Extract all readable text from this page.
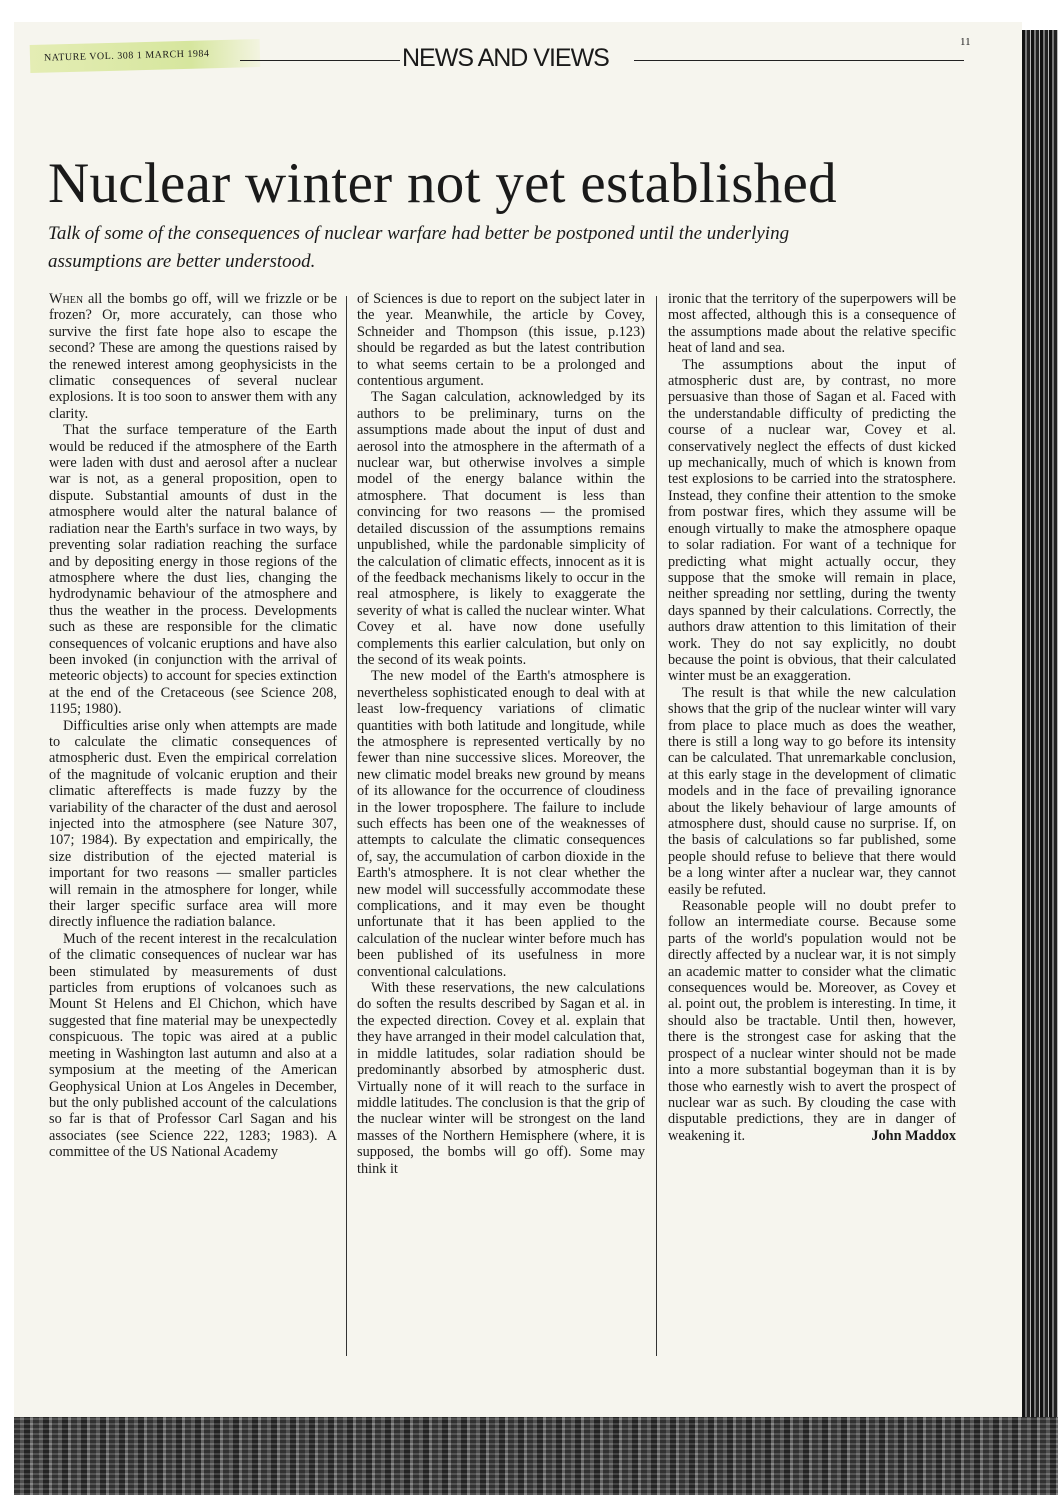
NATURE VOL. 308 1 MARCH 1984	NEWS AND VIEWS
11
Nuclear winter not yet established
Talk of some of the consequences of nuclear warfare had better be postponed until the underlying assumptions are better understood.

When all the bombs go off, will we frizzle or be frozen? Or, more accurately, can those who survive the first fate hope also to escape the second? These are among the questions raised by the renewed interest among geophysicists in the climatic consequences of several nuclear explosions. It is too soon to answer them with any clarity.

That the surface temperature of the Earth would be reduced if the atmosphere of the Earth were laden with dust and aerosol after a nuclear war is not, as a general proposition, open to dispute. Substantial amounts of dust in the atmosphere would alter the natural balance of radiation near the Earth's surface in two ways, by preventing solar radiation reaching the surface and by depositing energy in those regions of the atmosphere where the dust lies, changing the hydrodynamic behaviour of the atmosphere and thus the weather in the process. Developments such as these are responsible for the climatic consequences of volcanic eruptions and have also been invoked (in conjunction with the arrival of meteoric objects) to account for species extinction at the end of the Cretaceous (see Science 208, 1195; 1980).

Difficulties arise only when attempts are made to calculate the climatic consequences of atmospheric dust. Even the empirical correlation of the magnitude of volcanic eruption and their climatic aftereffects is made fuzzy by the variability of the character of the dust and aerosol injected into the atmosphere (see Nature 307, 107; 1984). By expectation and empirically, the size distribution of the ejected material is important for two reasons — smaller particles will remain in the atmosphere for longer, while their larger specific surface area will more directly influence the radiation balance.

Much of the recent interest in the recalculation of the climatic consequences of nuclear war has been stimulated by measurements of dust particles from eruptions of volcanoes such as Mount St Helens and El Chichon, which have suggested that fine material may be unexpectedly conspicuous. The topic was aired at a public meeting in Washington last autumn and also at a symposium at the meeting of the American Geophysical Union at Los Angeles in December, but the only published account of the calculations so far is that of Professor Carl Sagan and his associates (see Science 222, 1283; 1983). A committee of the US National Academy

of Sciences is due to report on the subject later in the year. Meanwhile, the article by Covey, Schneider and Thompson (this issue, p.123) should be regarded as but the latest contribution to what seems certain to be a prolonged and contentious argument.

The Sagan calculation, acknowledged by its authors to be preliminary, turns on the assumptions made about the input of dust and aerosol into the atmosphere in the aftermath of a nuclear war, but otherwise involves a simple model of the energy balance within the atmosphere. That document is less than convincing for two reasons — the promised detailed discussion of the assumptions remains unpublished, while the pardonable simplicity of the calculation of climatic effects, innocent as it is of the feedback mechanisms likely to occur in the real atmosphere, is likely to exaggerate the severity of what is called the nuclear winter. What Covey et al. have now done usefully complements this earlier calculation, but only on the second of its weak points.

The new model of the Earth's atmosphere is nevertheless sophisticated enough to deal with at least low-frequency variations of climatic quantities with both latitude and longitude, while the atmosphere is represented vertically by no fewer than nine successive slices. Moreover, the new climatic model breaks new ground by means of its allowance for the occurrence of cloudiness in the lower troposphere. The failure to include such effects has been one of the weaknesses of attempts to calculate the climatic consequences of, say, the accumulation of carbon dioxide in the Earth's atmosphere. It is not clear whether the new model will successfully accommodate these complications, and it may even be thought unfortunate that it has been applied to the calculation of the nuclear winter before much has been published of its usefulness in more conventional calculations.

With these reservations, the new calculations do soften the results described by Sagan et al. in the expected direction. Covey et al. explain that they have arranged in their model calculation that, in middle latitudes, solar radiation should be predominantly absorbed by atmospheric dust. Virtually none of it will reach to the surface in middle latitudes. The conclusion is that the grip of the nuclear winter will be strongest on the land masses of the Northern Hemisphere (where, it is supposed, the bombs will go off). Some may think it

ironic that the territory of the superpowers will be most affected, although this is a consequence of the assumptions made about the relative specific heat of land and sea.

The assumptions about the input of atmospheric dust are, by contrast, no more persuasive than those of Sagan et al. Faced with the understandable difficulty of predicting the course of a nuclear war, Covey et al. conservatively neglect the effects of dust kicked up mechanically, much of which is known from test explosions to be carried into the stratosphere. Instead, they confine their attention to the smoke from postwar fires, which they assume will be enough virtually to make the atmosphere opaque to solar radiation. For want of a technique for predicting what might actually occur, they suppose that the smoke will remain in place, neither spreading nor settling, during the twenty days spanned by their calculations. Correctly, the authors draw attention to this limitation of their work. They do not say explicitly, no doubt because the point is obvious, that their calculated winter must be an exaggeration.

The result is that while the new calculation shows that the grip of the nuclear winter will vary from place to place much as does the weather, there is still a long way to go before its intensity can be calculated. That unremarkable conclusion, at this early stage in the development of climatic models and in the face of prevailing ignorance about the likely behaviour of large amounts of atmosphere dust, should cause no surprise. If, on the basis of calculations so far published, some people should refuse to believe that there would be a long winter after a nuclear war, they cannot easily be refuted.

Reasonable people will no doubt prefer to follow an intermediate course. Because some parts of the world's population would not be directly affected by a nuclear war, it is not simply an academic matter to consider what the climatic consequences would be. Moreover, as Covey et al. point out, the problem is interesting. In time, it should also be tractable. Until then, however, there is the strongest case for asking that the prospect of a nuclear winter should not be made into a more substantial bogeyman than it is by those who earnestly wish to avert the prospect of nuclear war as such. By clouding the case with disputable predictions, they are in danger of weakening it.	John Maddox
